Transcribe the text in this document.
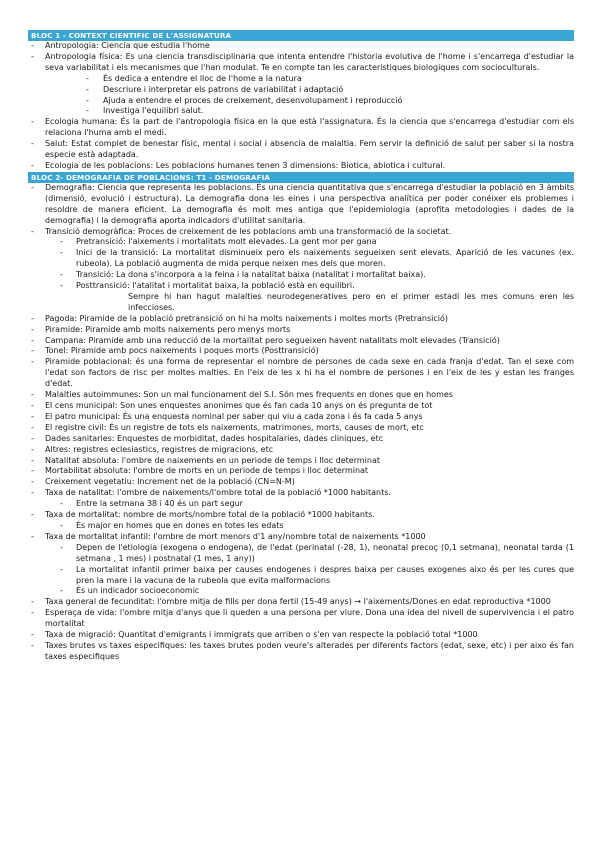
BLOC 1 - CONTEXT CIENTIFIC DE L'ASSIGNATURA
- Antropologia: Ciencia que estudia l'home
- Antropologia física: Es una ciencia transdisciplinaria que intenta entendre l'historia evolutiva de l'home i s'encarrega d'estudiar la seva variabilitat i els mecanismes que l'han modulat. Te en compte tan les caracteristiques biologiques com socioculturals.
- És dedica a entendre el lloc de l'home a la natura
- Descriure i interpretar els patrons de variabilitat i adaptació
- Ajuda a entendre el proces de creixement, desenvolupament i reproducció
- Investiga l'equilibri salut.
- Ecologia humana: És la part de l'antropologia física en la que està l'assignatura. És la ciencia que s'encarrega d'estudiar com els relaciona l'huma amb el medi.
- Salut: Estat complet de benestar físic, mental i social i absencia de malaltia. Fem servir la definició de salut per saber si la nostra especie està adaptada.
- Ecologia de les poblacions: Les poblacions humanes tenen 3 dimensions: Biotica, abiotica i cultural.
BLOC 2- DEMOGRAFIA DE POBLACIONS: T1 - DEMOGRAFIA
- Demografia: Ciencia que representa les poblacions. És una ciencia quantitativa que s'encarrega d'estudiar la població en 3 àmbits (dimensió, evolució i estructura). La demografia dona les eines i una perspectiva analítica per poder conéixer els problemes i resoldre de manera eficient. La demografia és molt mes antiga que l'epidemiologia (aprofita metodologies i dades de la demografia) i la demografia aporta indicadors d'utilitat sanitaria.
- Transició demogràfica: Proces de creixement de les poblacions amb una transformació de la societat.
- Pretransició: l'aixements i mortalitats molt elevades. La gent mor per gana
- Inici de la transició: La mortalitat disminueix pero els naixements segueixen sent elevats. Aparició de les vacunes (ex. rubeola). La població augmenta de mida perque neixen mes dels que moren.
- Transició: La dona s'incorpora a la feina i la natalitat baixa (natalitat i mortalitat baixa).
- Posttransició: l'atalitat i mortalitat baixa, la població està en equilibri.
Sempre hi han hagut malalties neurodegeneratives pero en el primer estadi les mes comuns eren les infeccioses.
- Pagoda: Piramide de la població pretransició on hi ha molts naixements i moltes morts (Pretransició)
- Piramide: Piramide amb molts naixements pero menys morts
- Campana: Piramide amb una reducció de la mortalitat pero segueixen havent natalitats molt elevades (Transició)
- Tonel: Piramide amb pocs naixements i poques morts (Posttransició)
- Piramide poblacional: és una forma de representar el nombre de persones de cada sexe en cada franja d'edat. Tan el sexe com l'edat son factors de risc per moltes malties. En l'eix de les x hi ha el nombre de persones i en l'eix de les y estan les franges d'edat.
- Malalties autoimmunes: Son un mal funcionament del S.I. Són mes frequents en dones que en homes
- El cens municipal: Son unes enquestes anonimes que és fan cada 10 anys on és pregunta de tot
- El patro municipal: És una enquesta nominal per saber qui viu a cada zona i és fa cada 5 anys
- El registre civil: És un registre de tots els naixements, matrimones, morts, causes de mort, etc
- Dades sanitaries: Enquestes de morbiditat, dades hospitalaries, dades cliniques, etc
- Altres: registres eclesiastics, registres de migracions, etc
- Natalitat absoluta: l'ombre de naixements en un periode de temps i lloc determinat
- Mortabilitat absoluta: l'ombre de morts en un periode de temps i lloc determinat
- Creixement vegetatiu: Increment net de la població (CN=N-M)
- Taxa de natalitat: l'ombre de naixements/l'ombre total de la població *1000 habitants.
- Entre la setmana 38 i 40 és un part segur
- Taxa de mortalitat: nombre de morts/nombre total de la població *1000 habitants.
- És major en homes que en dones en totes les edats
- Taxa de mortalitat infantil: l'ombre de mort menors d'1 any/nombre total de naixements *1000
- Depen de l'etiologia (exogena o endogena), de l'edat (perinatal (-28, 1), neonatal precoç (0,1 setmana), neonatal tarda (1 setmana , 1 mes) i postnatal (1 mes, 1 any))
- La mortalitat infantil primer baixa per causes endogenes i despres baixa per causes exogenes aixo és per les cures que pren la mare i la vacuna de la rubeola que evita malformacions
- És un indicador socioeconomic
- Taxa general de fecunditat: l'ombre mitja de fills per dona fertil (15-49 anys) → l'aixements/Dones en edat reproductiva *1000
- Esperaça de vida: l'ombre mitja d'anys que li queden a una persona per viure. Dona una idea del nivell de supervivencia i el patro mortalitat
- Taxa de migració: Quantitat d'emigrants i immigrats que arriben o s'en van respecte la població total *1000
- Taxes brutes vs taxes especifiques: les taxes brutes poden veure's alterades per diferents factors (edat, sexe, etc) i per aixo és fan taxes especifiques
